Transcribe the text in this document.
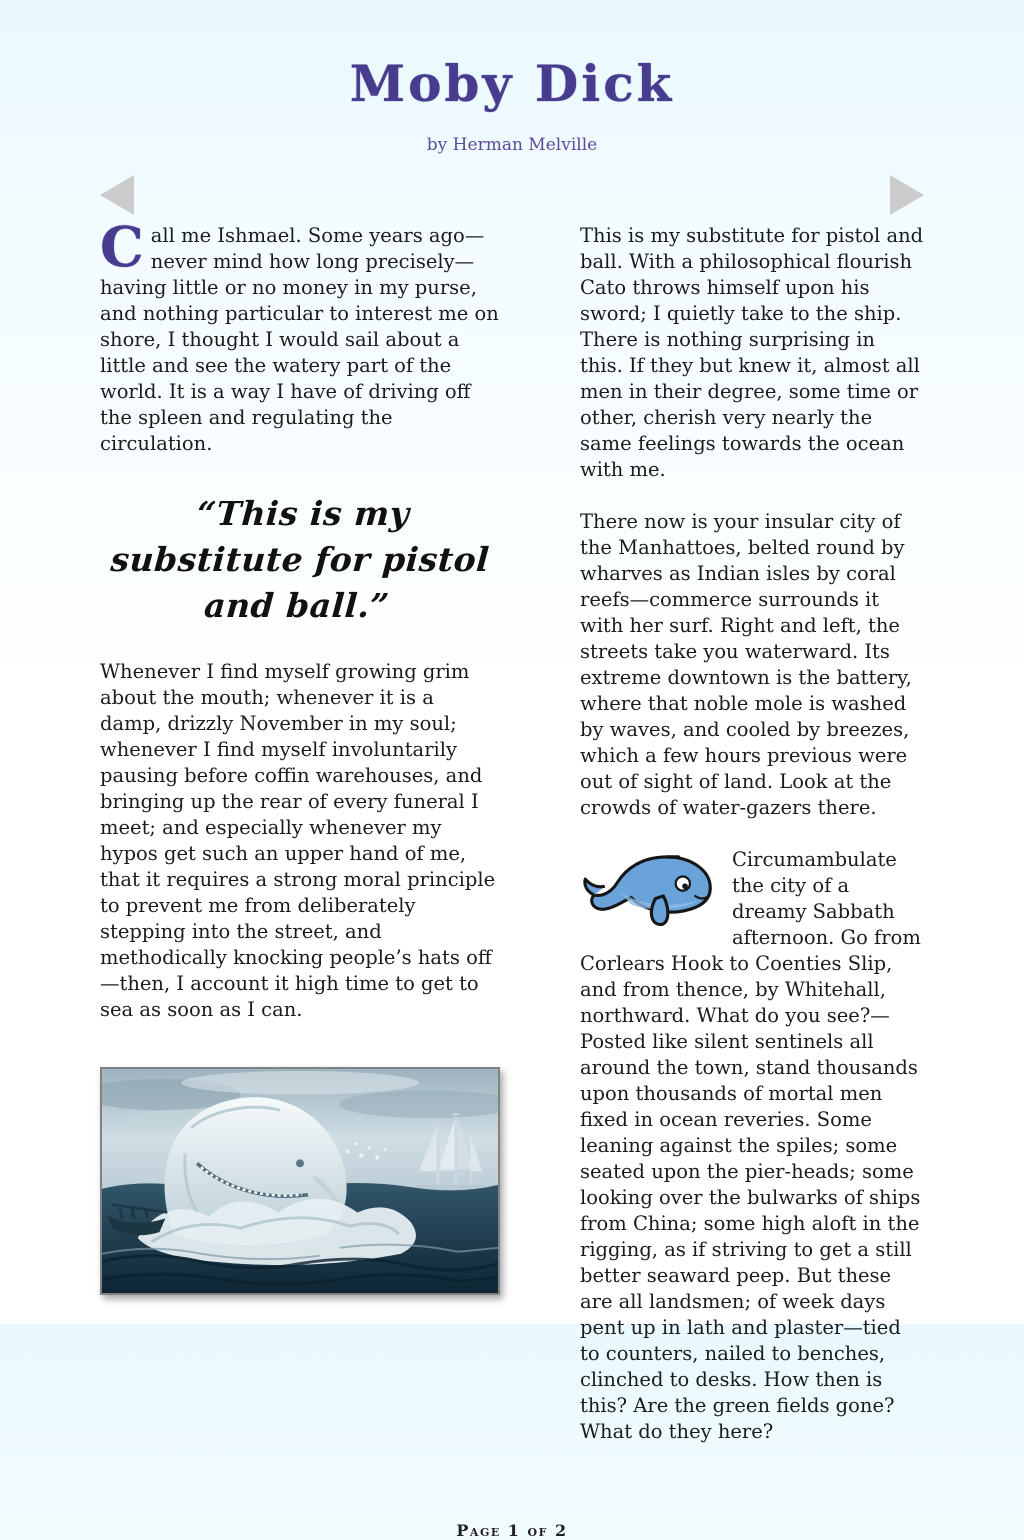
Moby Dick
by Herman Melville

Call me Ishmael. Some years ago—never mind how long precisely—having little or no money in my purse, and nothing particular to interest me on shore, I thought I would sail about a little and see the watery part of the world. It is a way I have of driving off the spleen and regulating the circulation.

“This is my substitute for pistol and ball.”

Whenever I find myself growing grim about the mouth; whenever it is a damp, drizzly November in my soul; whenever I find myself involuntarily pausing before coffin warehouses, and bringing up the rear of every funeral I meet; and especially whenever my hypos get such an upper hand of me, that it requires a strong moral principle to prevent me from deliberately stepping into the street, and methodically knocking people’s hats off—then, I account it high time to get to sea as soon as I can.

This is my substitute for pistol and ball. With a philosophical flourish Cato throws himself upon his sword; I quietly take to the ship. There is nothing surprising in this. If they but knew it, almost all men in their degree, some time or other, cherish very nearly the same feelings towards the ocean with me.

There now is your insular city of the Manhattoes, belted round by wharves as Indian isles by coral reefs—commerce surrounds it with her surf. Right and left, the streets take you waterward. Its extreme downtown is the battery, where that noble mole is washed by waves, and cooled by breezes, which a few hours previous were out of sight of land. Look at the crowds of water-gazers there.

Circumambulate the city of a dreamy Sabbath afternoon. Go from Corlears Hook to Coenties Slip, and from thence, by Whitehall, northward. What do you see?—Posted like silent sentinels all around the town, stand thousands upon thousands of mortal men fixed in ocean reveries. Some leaning against the spiles; some seated upon the pier-heads; some looking over the bulwarks of ships from China; some high aloft in the rigging, as if striving to get a still better seaward peep. But these are all landsmen; of week days pent up in lath and plaster—tied to counters, nailed to benches, clinched to desks. How then is this? Are the green fields gone? What do they here?

Page 1 of 2
